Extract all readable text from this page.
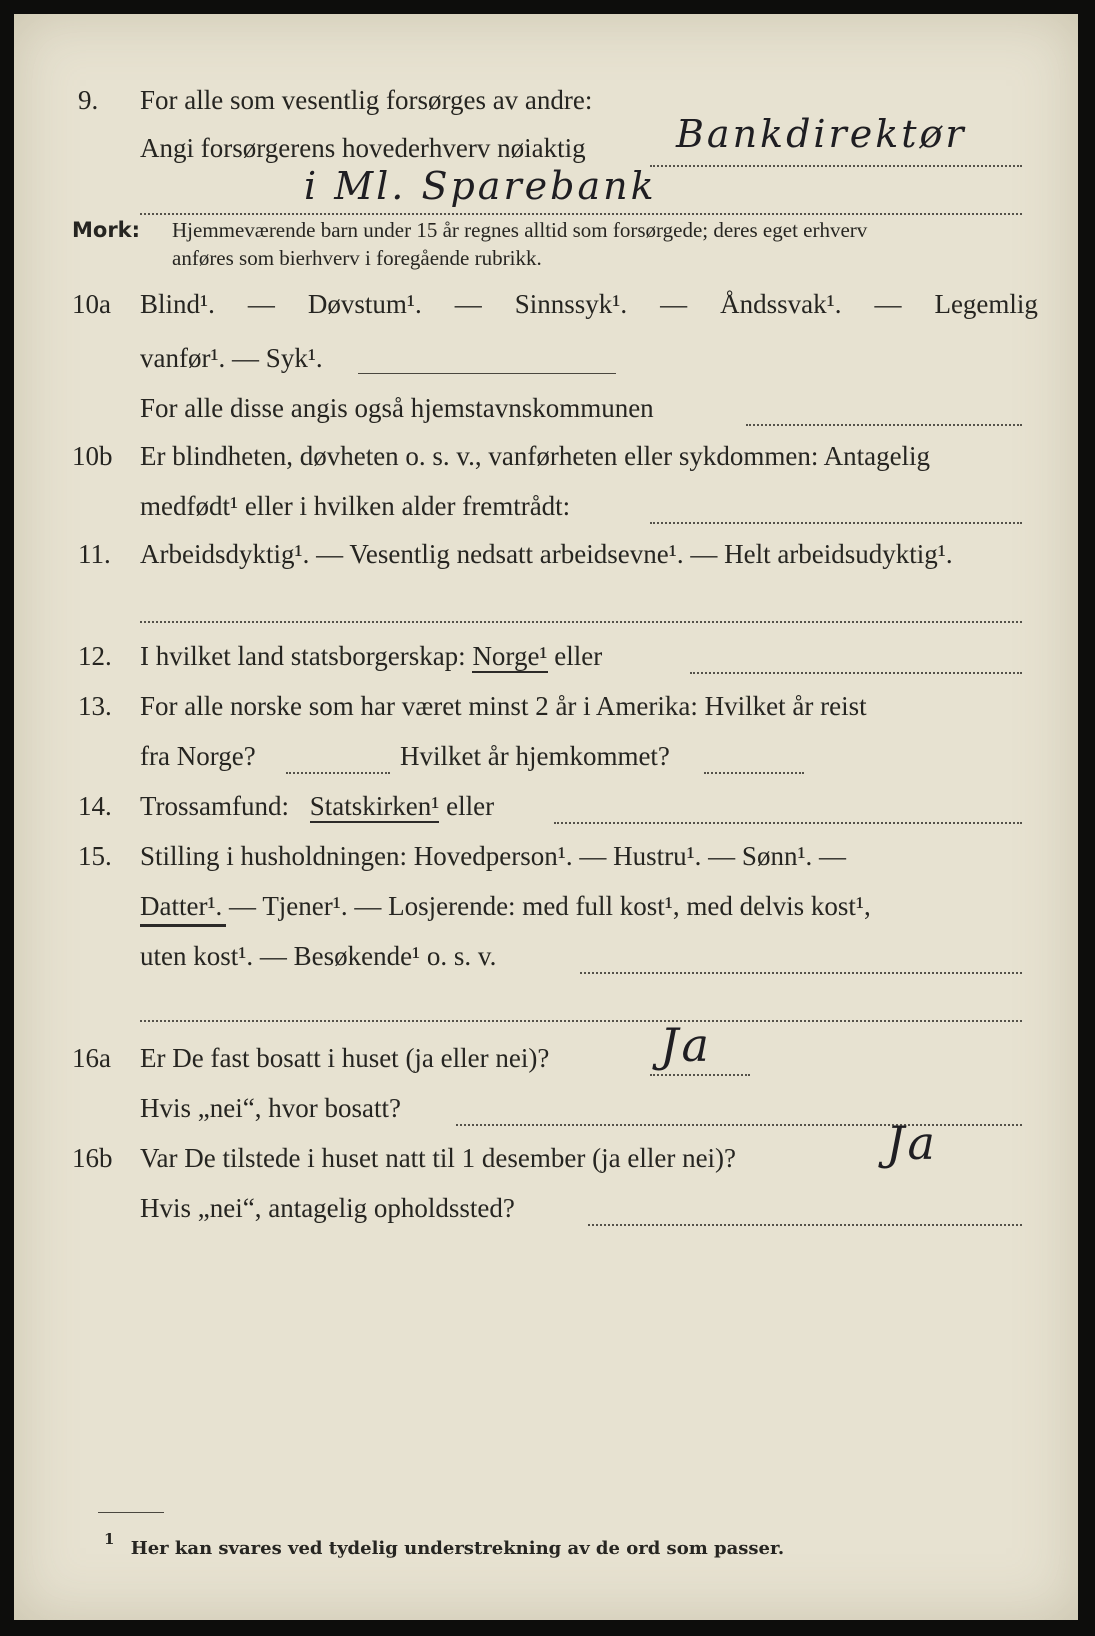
9. For alle som vesentlig forsørges av andre:
Angi forsørgerens hovederhverv nøiaktig Bankdirektør
i Ml. Sparebank
Mork: Hjemmeværende barn under 15 år regnes alltid som forsørgede; deres eget erhverv
anføres som bierhverv i foregående rubrikk.
10a Blind¹. — Døvstum¹. — Sinnssyk¹. — Åndssvak¹. — Legemlig
vanfør¹. — Syk¹.
For alle disse angis også hjemstavnskommunen
10b Er blindheten, døvheten o. s. v., vanførheten eller sykdommen: Antagelig
medfødt¹ eller i hvilken alder fremtrådt:
11. Arbeidsdyktig¹. — Vesentlig nedsatt arbeidsevne¹. — Helt arbeidsudyktig¹.
12. I hvilket land statsborgerskap: Norge¹ eller
13. For alle norske som har været minst 2 år i Amerika: Hvilket år reist
fra Norge?	Hvilket år hjemkommet?
14. Trossamfund: Statskirken¹ eller
15. Stilling i husholdningen: Hovedperson¹. — Hustru¹. — Sønn¹. —
Datter¹. — Tjener¹. — Losjerende: med full kost¹, med delvis kost¹,
uten kost¹. — Besøkende¹ o. s. v.
16a Er De fast bosatt i huset (ja eller nei)? Ja
Hvis „nei“, hvor bosatt?
16b Var De tilstede i huset natt til 1 desember (ja eller nei)?	Ja
Hvis „nei“, antagelig opholdssted?
$^1$ Her kan svares ved tydelig understrekning av de ord som passer.
